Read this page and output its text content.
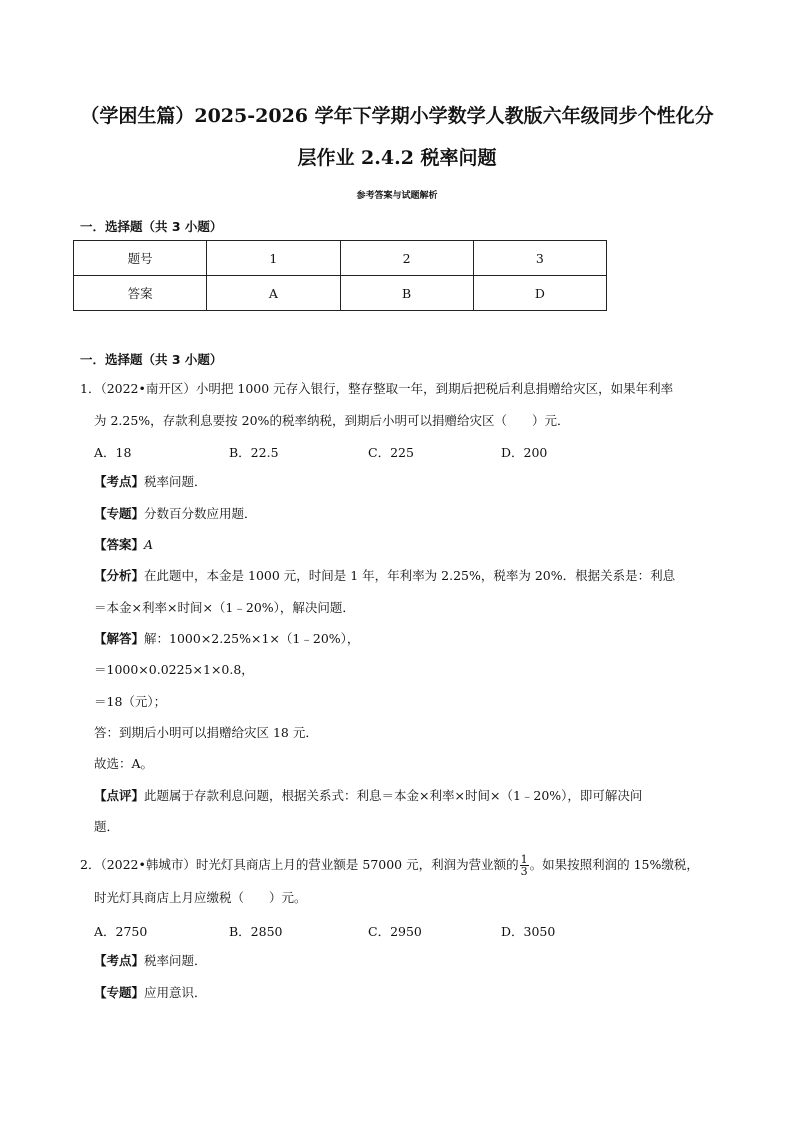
（学困生篇）2025-2026 学年下学期小学数学人教版六年级同步个性化分
层作业 2.4.2 税率问题
参考答案与试题解析
一．选择题（共 3 小题）
题号	1	2	3
答案	A	B	D
一．选择题（共 3 小题）
1．（2022•南开区）小明把 1000 元存入银行，整存整取一年，到期后把税后利息捐赠给灾区，如果年利率
为 2.25%，存款利息要按 20%的税率纳税，到期后小明可以捐赠给灾区（　　）元．
A．18	B．22.5	C．225	D．200
【考点】税率问题．
【专题】分数百分数应用题．
【答案】A
【分析】在此题中，本金是 1000 元，时间是 1 年，年利率为 2.25%，税率为 20%．根据关系是：利息
＝本金×利率×时间×（1﹣20%），解决问题．
【解答】解：1000×2.25%×1×（1﹣20%），
＝1000×0.0225×1×0.8，
＝18（元）；
答：到期后小明可以捐赠给灾区 18 元．
故选：A。
【点评】此题属于存款利息问题，根据关系式：利息＝本金×利率×时间×（1﹣20%），即可解决问
题．
2．（2022•韩城市）时光灯具商店上月的营业额是 57000 元，利润为营业额的 $\frac{1}{3}$ 。如果按照利润的 15%缴税，
时光灯具商店上月应缴税（　　）元。
A．2750	B．2850	C．2950	D．3050
【考点】税率问题．
【专题】应用意识．
